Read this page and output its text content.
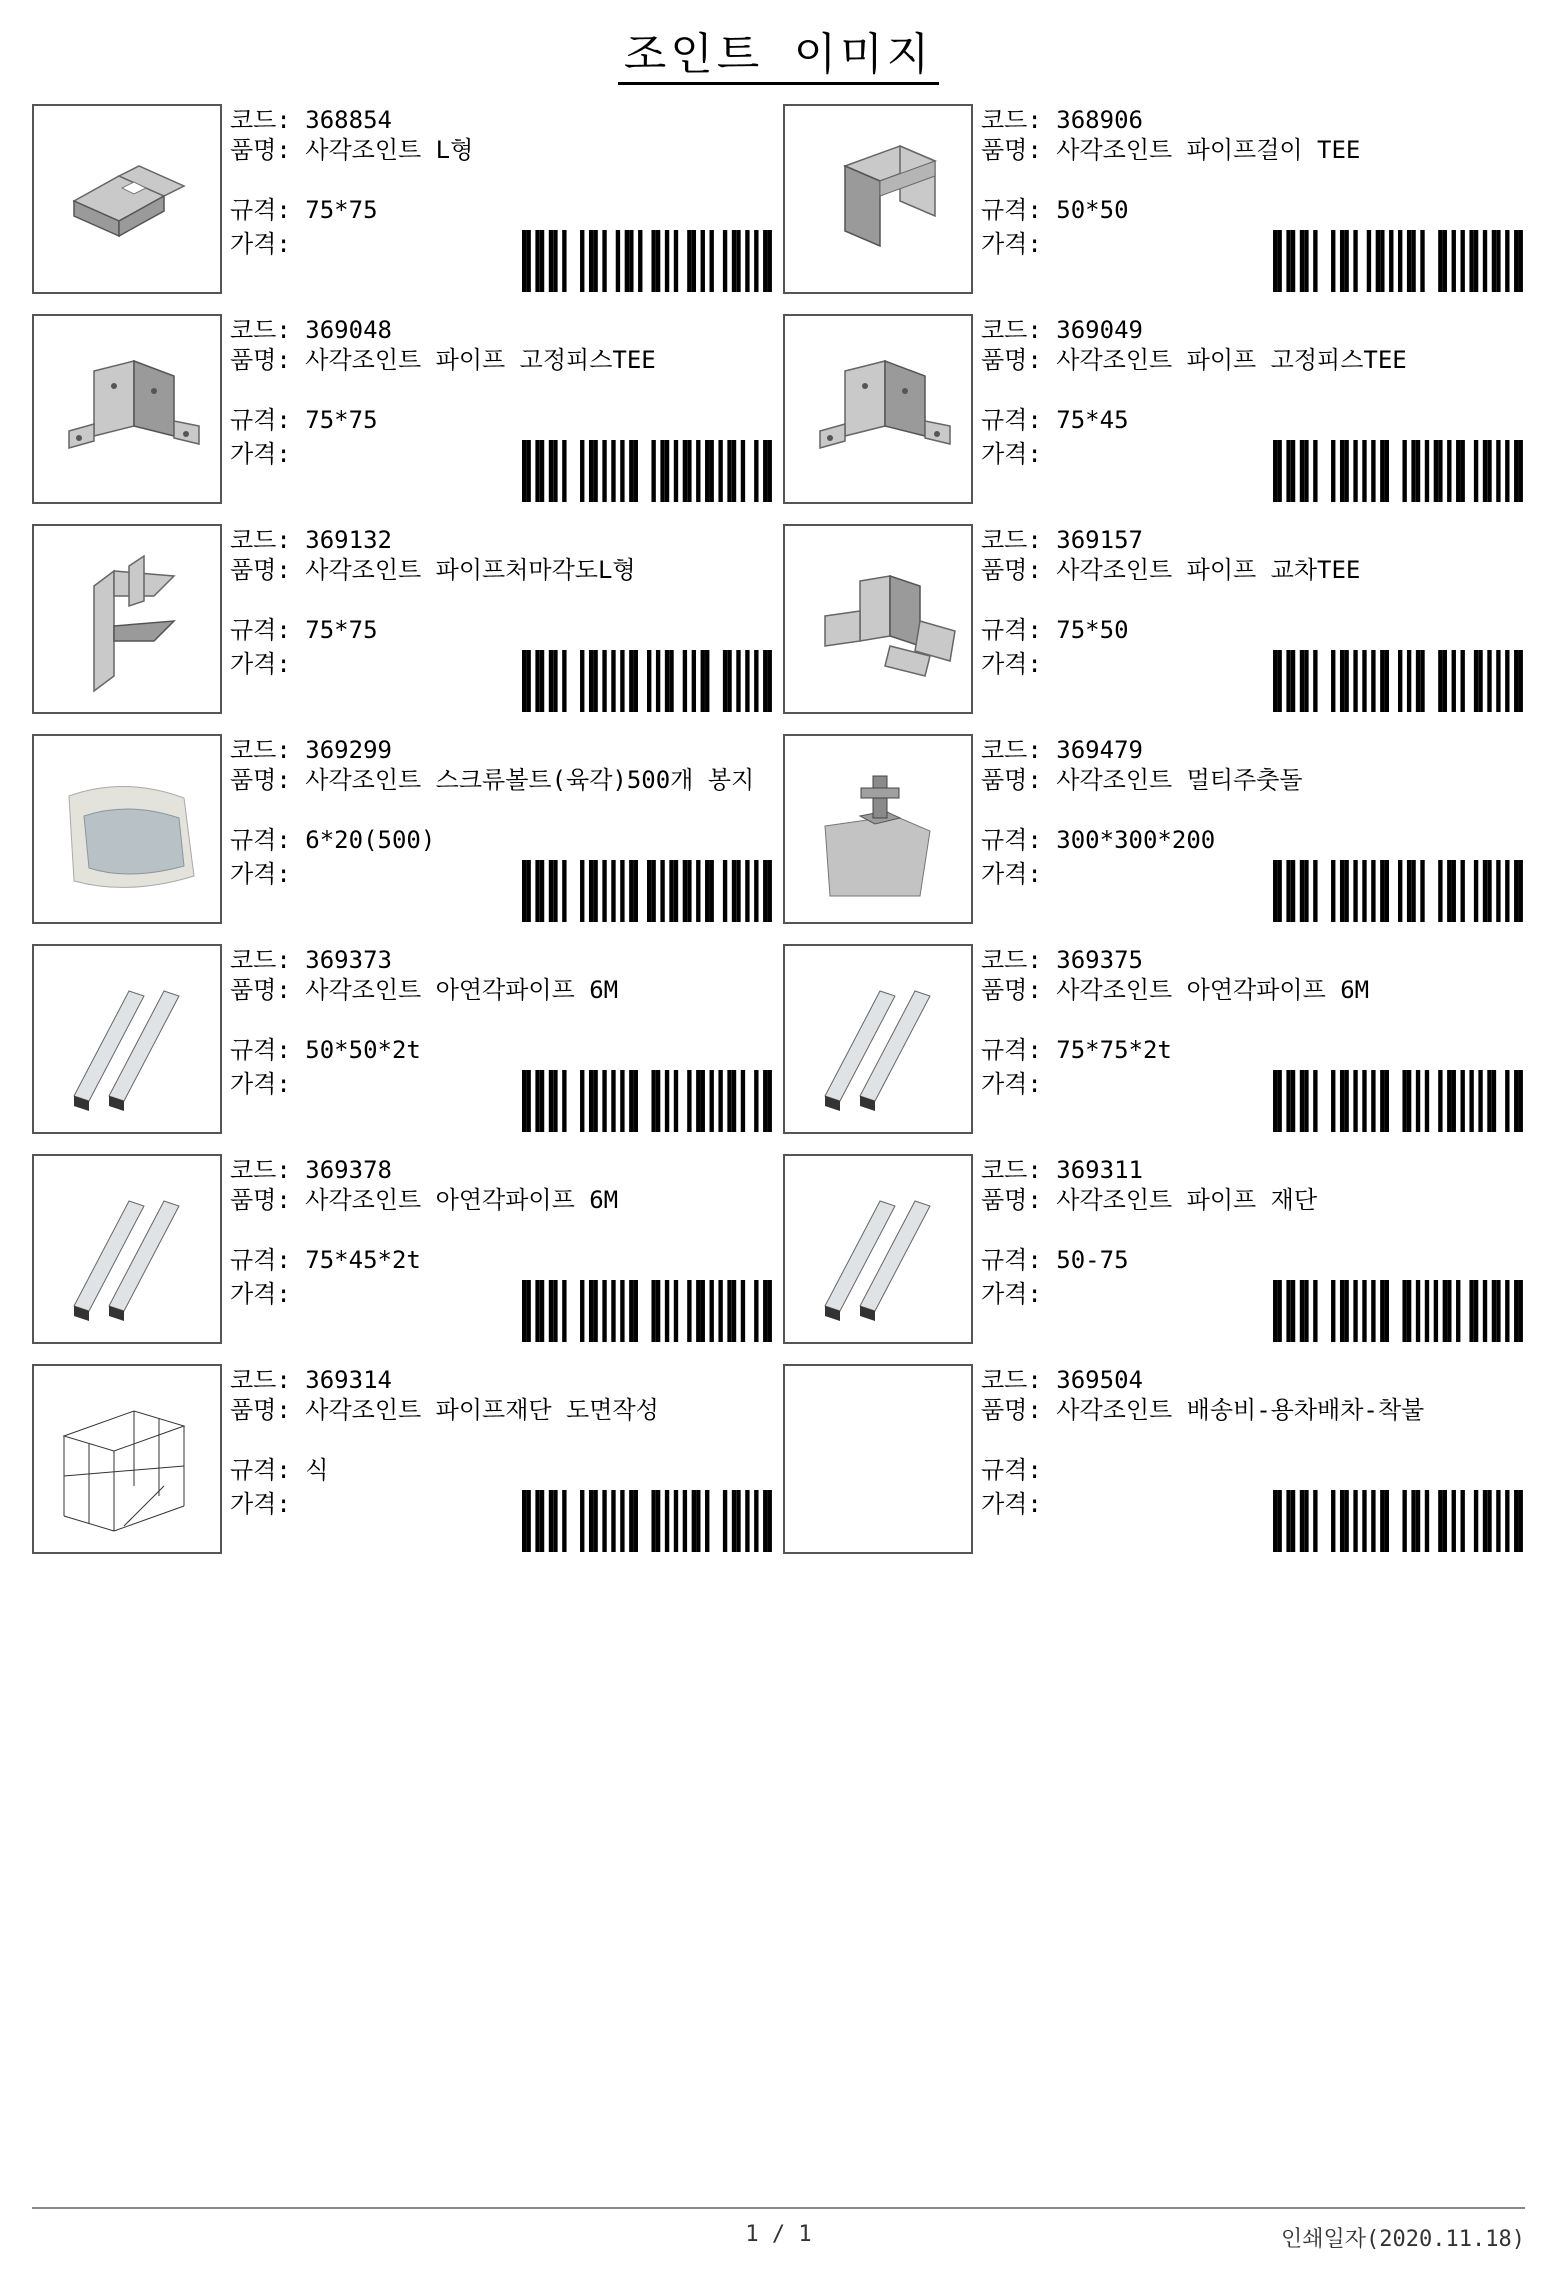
조인트 이미지
코드: 368854
품명: 사각조인트 L형
규격: 75*75
가격:
코드: 368906
품명: 사각조인트 파이프걸이 TEE
규격: 50*50
가격:
코드: 369048
품명: 사각조인트 파이프 고정피스TEE
규격: 75*75
가격:
코드: 369049
품명: 사각조인트 파이프 고정피스TEE
규격: 75*45
가격:
코드: 369132
품명: 사각조인트 파이프처마각도L형
규격: 75*75
가격:
코드: 369157
품명: 사각조인트 파이프 교차TEE
규격: 75*50
가격:
코드: 369299
품명: 사각조인트 스크류볼트(육각)500개 봉지
규격: 6*20(500)
가격:
코드: 369479
품명: 사각조인트 멀티주춧돌
규격: 300*300*200
가격:
코드: 369373
품명: 사각조인트 아연각파이프 6M
규격: 50*50*2t
가격:
코드: 369375
품명: 사각조인트 아연각파이프 6M
규격: 75*75*2t
가격:
코드: 369378
품명: 사각조인트 아연각파이프 6M
규격: 75*45*2t
가격:
코드: 369311
품명: 사각조인트 파이프 재단
규격: 50-75
가격:
코드: 369314
품명: 사각조인트 파이프재단 도면작성
규격: 식
가격:
코드: 369504
품명: 사각조인트 배송비-용차배차-착불
규격:
가격:
1 / 1	인쇄일자(2020.11.18)
